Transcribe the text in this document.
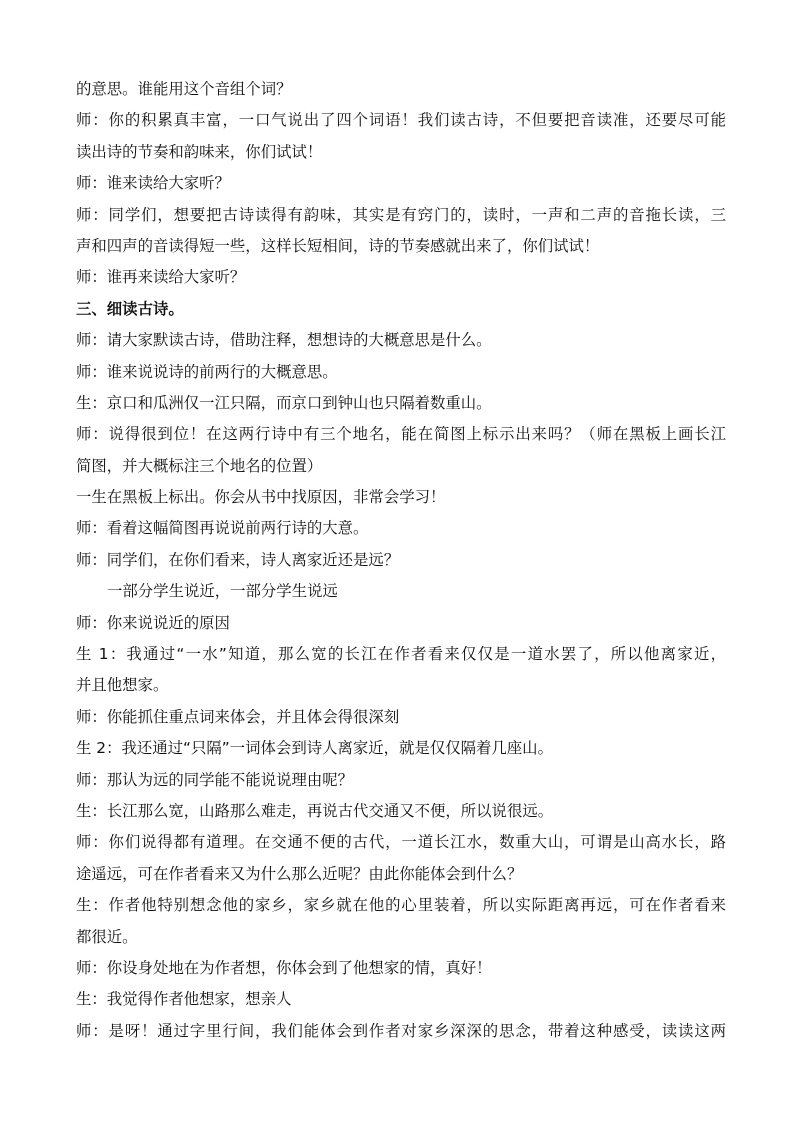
的意思。谁能用这个音组个词？
师：你的积累真丰富，一口气说出了四个词语！我们读古诗，不但要把音读准，还要尽可能
读出诗的节奏和韵味来，你们试试！
师：谁来读给大家听？
师：同学们，想要把古诗读得有韵味，其实是有窍门的，读时，一声和二声的音拖长读，三
声和四声的音读得短一些，这样长短相间，诗的节奏感就出来了，你们试试！
师：谁再来读给大家听？
三、细读古诗。
师：请大家默读古诗，借助注释，想想诗的大概意思是什么。
师：谁来说说诗的前两行的大概意思。
生：京口和瓜洲仅一江只隔，而京口到钟山也只隔着数重山。
师：说得很到位！在这两行诗中有三个地名，能在简图上标示出来吗？（师在黑板上画长江
简图，并大概标注三个地名的位置）
一生在黑板上标出。你会从书中找原因，非常会学习！
师：看着这幅简图再说说前两行诗的大意。
师：同学们，在你们看来，诗人离家近还是远？
一部分学生说近，一部分学生说远
师：你来说说近的原因
生 1：我通过“一水”知道，那么宽的长江在作者看来仅仅是一道水罢了，所以他离家近，
并且他想家。
师：你能抓住重点词来体会，并且体会得很深刻
生 2：我还通过“只隔”一词体会到诗人离家近，就是仅仅隔着几座山。
师：那认为远的同学能不能说说理由呢？
生：长江那么宽，山路那么难走，再说古代交通又不便，所以说很远。
师：你们说得都有道理。在交通不便的古代，一道长江水，数重大山，可谓是山高水长，路
途遥远，可在作者看来又为什么那么近呢？由此你能体会到什么？
生：作者他特别想念他的家乡，家乡就在他的心里装着，所以实际距离再远，可在作者看来
都很近。
师：你设身处地在为作者想，你体会到了他想家的情，真好！
生：我觉得作者他想家，想亲人
师：是呀！通过字里行间，我们能体会到作者对家乡深深的思念，带着这种感受，读读这两
